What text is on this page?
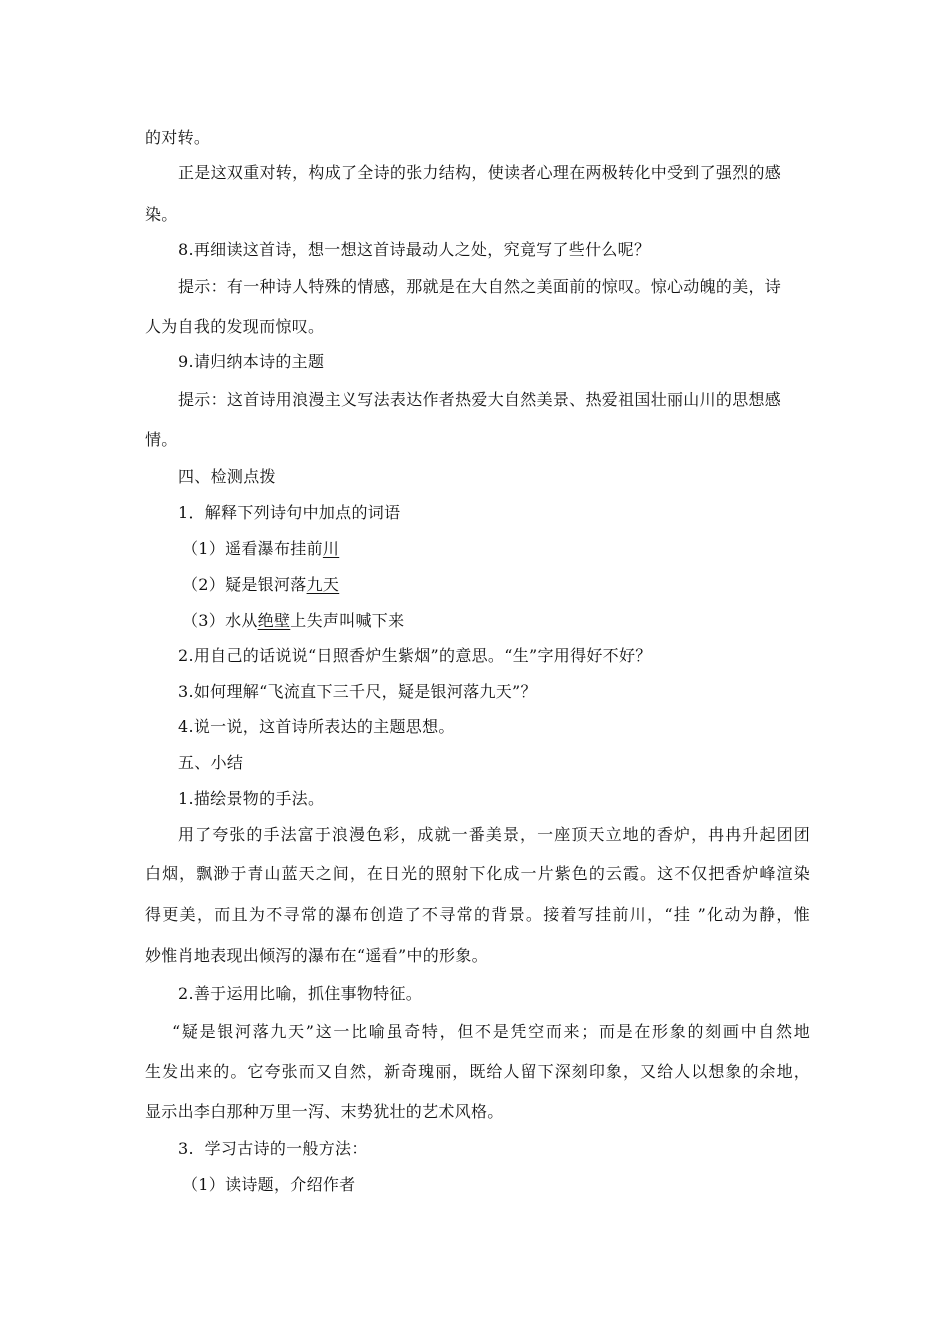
的对转。
正是这双重对转，构成了全诗的张力结构，使读者心理在两极转化中受到了强烈的感
染。
8.再细读这首诗，想一想这首诗最动人之处，究竟写了些什么呢？
提示：有一种诗人特殊的情感，那就是在大自然之美面前的惊叹。惊心动魄的美，诗
人为自我的发现而惊叹。
9.请归纳本诗的主题
提示：这首诗用浪漫主义写法表达作者热爱大自然美景、热爱祖国壮丽山川的思想感
情。
四、检测点拨
1．解释下列诗句中加点的词语
（1）遥看瀑布挂前川
（2）疑是银河落九天
（3）水从绝壁上失声叫喊下来
2.用自己的话说说“日照香炉生紫烟”的意思。“生”字用得好不好？
3.如何理解“飞流直下三千尺，疑是银河落九天”？
4.说一说，这首诗所表达的主题思想。
五、小结
1.描绘景物的手法。
用了夸张的手法富于浪漫色彩，成就一番美景，一座顶天立地的香炉，冉冉升起团团
白烟，飘渺于青山蓝天之间，在日光的照射下化成一片紫色的云霞。这不仅把香炉峰渲染
得更美，而且为不寻常的瀑布创造了不寻常的背景。接着写挂前川，“挂 ”化动为静，惟
妙惟肖地表现出倾泻的瀑布在“遥看”中的形象。
2.善于运用比喻，抓住事物特征。
“疑是银河落九天”这一比喻虽奇特，但不是凭空而来；而是在形象的刻画中自然地
生发出来的。它夸张而又自然，新奇瑰丽，既给人留下深刻印象，又给人以想象的余地，
显示出李白那种万里一泻、末势犹壮的艺术风格。
3.  学习古诗的一般方法：
（1）读诗题，介绍作者
